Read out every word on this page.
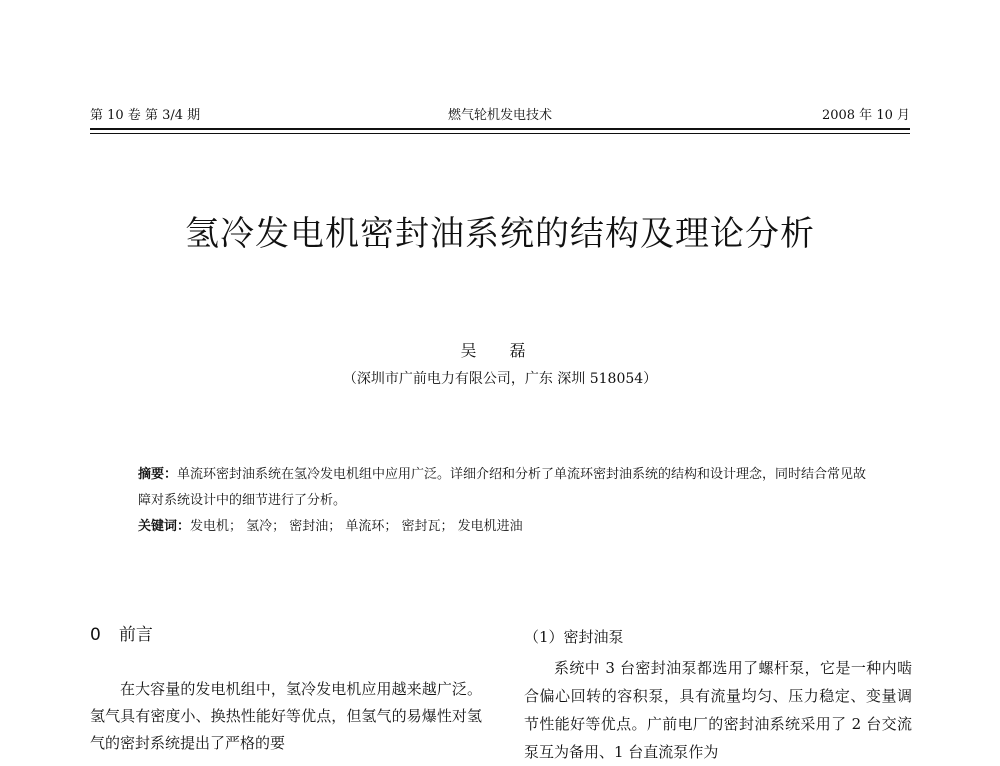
第 10 卷 第 3/4 期	燃气轮机发电技术	2008 年 10 月
氢冷发电机密封油系统的结构及理论分析
吴 磊
（深圳市广前电力有限公司，广东 深圳 518054）

摘要：单流环密封油系统在氢冷发电机组中应用广泛。详细介绍和分析了单流环密封油系统的结构和设计理念，同时结合常见故障对系统设计中的细节进行了分析。

关键词：发电机； 氢冷； 密封油； 单流环； 密封瓦； 发电机进油

0 前言

在大容量的发电机组中，氢冷发电机应用越来越广泛。氢气具有密度小、换热性能好等优点，但氢气的易爆性对氢气的密封系统提出了严格的要

（1）密封油泵

系统中 3 台密封油泵都选用了螺杆泵，它是一种内啮合偏心回转的容积泵，具有流量均匀、压力稳定、变量调节性能好等优点。广前电厂的密封油系统采用了 2 台交流泵互为备用、1 台直流泵作为
